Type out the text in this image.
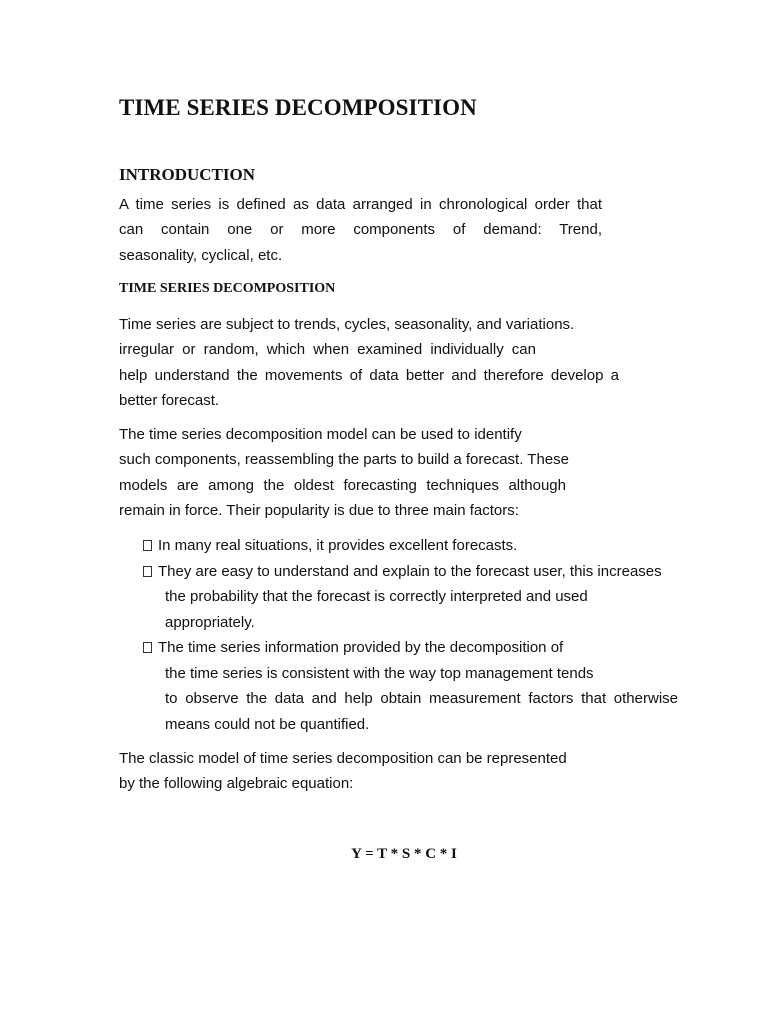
TIME SERIES DECOMPOSITION
INTRODUCTION
A time series is defined as data arranged in chronological order that
can contain one or more components of demand: Trend,
seasonality, cyclical, etc.
TIME SERIES DECOMPOSITION
Time series are subject to trends, cycles, seasonality, and variations.
irregular or random, which when examined individually can
help understand the movements of data better and therefore develop a
better forecast.
The time series decomposition model can be used to identify
such components, reassembling the parts to build a forecast. These
models are among the oldest forecasting techniques although
remain in force. Their popularity is due to three main factors:
In many real situations, it provides excellent forecasts.
They are easy to understand and explain to the forecast user, this increases
the probability that the forecast is correctly interpreted and used
appropriately.
The time series information provided by the decomposition of
the time series is consistent with the way top management tends
to observe the data and help obtain measurement factors that otherwise
means could not be quantified.
The classic model of time series decomposition can be represented
by the following algebraic equation:

Y = T * S * C * I
